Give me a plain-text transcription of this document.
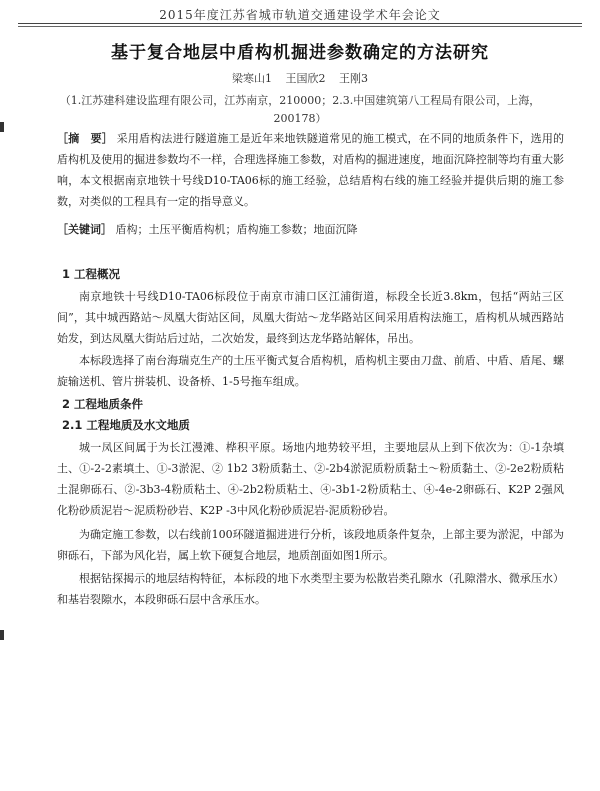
2015年度江苏省城市轨道交通建设学术年会论文
基于复合地层中盾构机掘进参数确定的方法研究
梁寒山1 王国欣2 王刚3
（1.江苏建科建设监理有限公司，江苏南京，210000；2.3.中国建筑第八工程局有限公司，上海，200178）
［摘　要］ 采用盾构法进行隧道施工是近年来地铁隧道常见的施工模式，在不同的地质条件下，选用的盾构机及使用的掘进参数均不一样，合理选择施工参数，对盾构的掘进速度，地面沉降控制等均有重大影响，本文根据南京地铁十号线D10-TA06标的施工经验，总结盾构右线的施工经验并提供后期的施工参数，对类似的工程具有一定的指导意义。
［关键词］ 盾构；土压平衡盾构机；盾构施工参数；地面沉降
1 工程概况
南京地铁十号线D10-TA06标段位于南京市浦口区江浦街道，标段全长近3.8km，包括“两站三区间”，其中城西路站～凤凰大街站区间，凤凰大街站～龙华路站区间采用盾构法施工，盾构机从城西路站始发，到达凤凰大街站后过站，二次始发，最终到达龙华路站解体，吊出。
本标段选择了南台海瑞克生产的土压平衡式复合盾构机，盾构机主要由刀盘、前盾、中盾、盾尾、螺旋输送机、管片拼装机、设备桥、1-5号拖车组成。
2 工程地质条件
2.1 工程地质及水文地质
城一凤区间属于为长江漫滩、桦积平原。场地内地势较平坦，主要地层从上到下依次为：①-1杂填土、①-2-2素填土、①-3淤泥、② 1b2 3粉质黏土、②-2b4淤泥质粉质黏土～粉质黏土、②-2e2粉质粘土混卵砾石、②-3b3-4粉质粘土、④-2b2粉质粘土、④-3b1-2粉质粘土、④-4e-2卵砾石、K2P 2强风化粉砂质泥岩～泥质粉砂岩、K2P -3中风化粉砂质泥岩-泥质粉砂岩。
为确定施工参数，以右线前100环隧道掘进进行分析，该段地质条件复杂，上部主要为淤泥，中部为卵砾石，下部为风化岩，属上软下硬复合地层，地质剖面如图1所示。
根据钻探揭示的地层结构特征，本标段的地下水类型主要为松散岩类孔隙水（孔隙潜水、微承压水）和基岩裂隙水，本段卵砾石层中含承压水。
